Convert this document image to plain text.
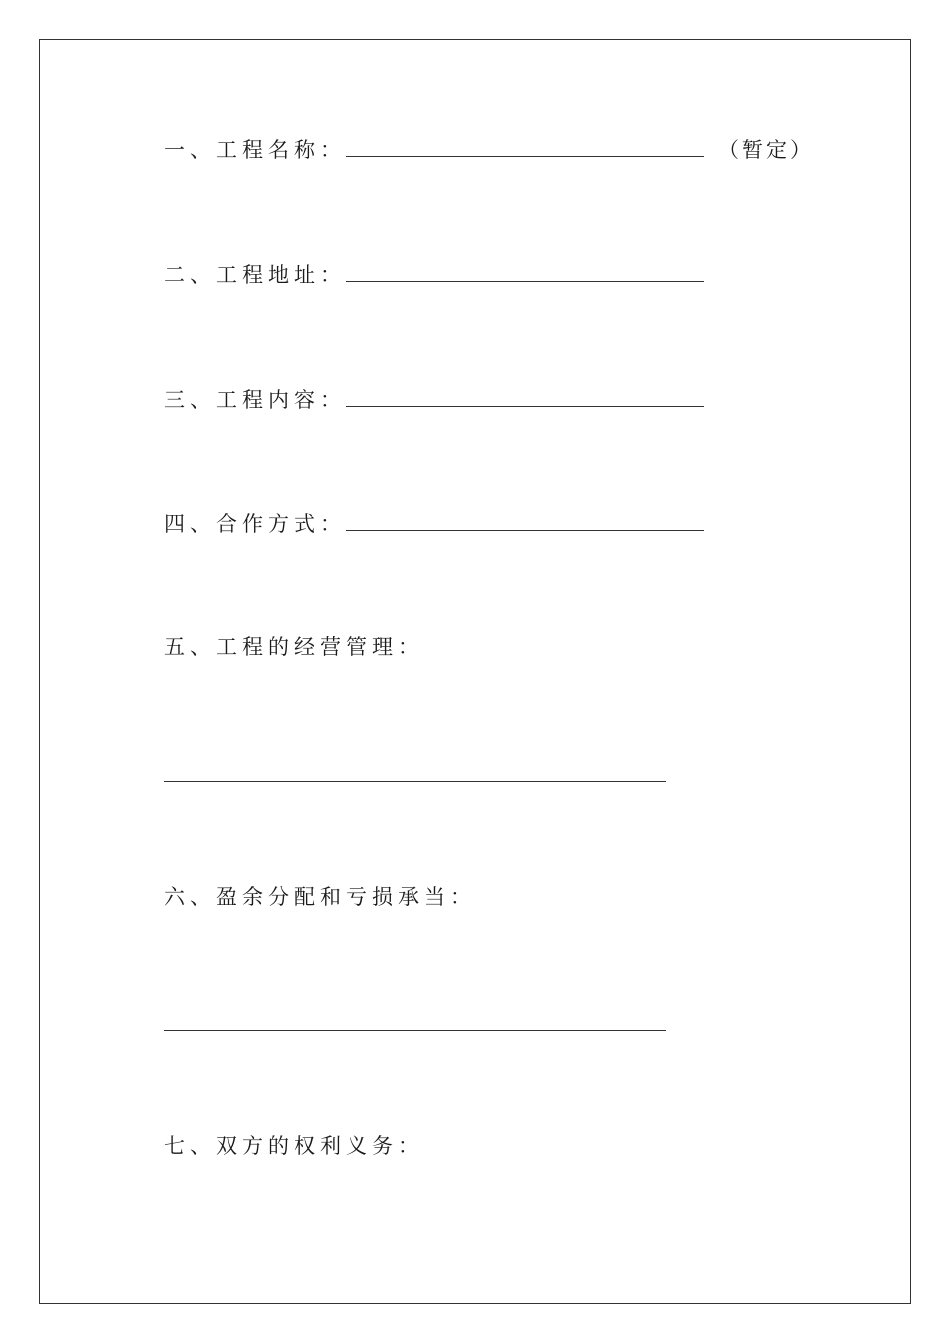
一、工程名称：	（暂定）
二、工程地址：
三、工程内容：
四、合作方式：
五、工程的经营管理：
六、盈余分配和亏损承当：
七、双方的权利义务：
